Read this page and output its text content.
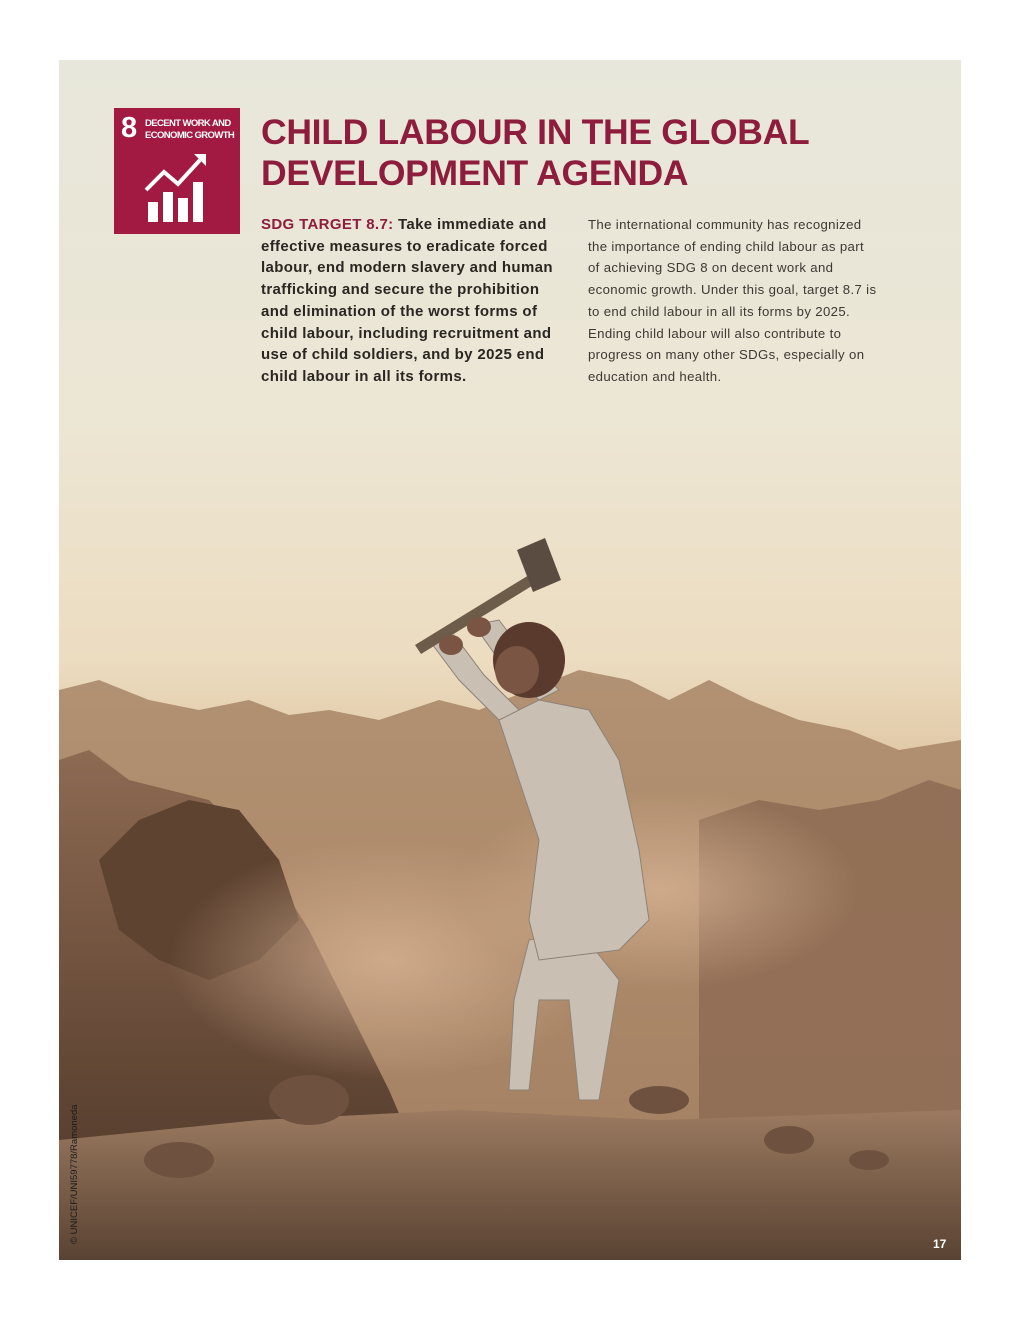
8 DECENT WORK AND
ECONOMIC GROWTH CHILD LABOUR IN THE GLOBAL
DEVELOPMENT AGENDA

SDG TARGET 8.7: Take immediate and effective measures to eradicate forced labour, end modern slavery and human trafficking and secure the prohibition and elimination of the worst forms of child labour, including recruitment and use of child soldiers, and by 2025 end child labour in all its forms.

The international community has recognized the importance of ending child labour as part of achieving SDG 8 on decent work and economic growth. Under this goal, target 8.7 is to end child labour in all its forms by 2025. Ending child labour will also contribute to progress on many other SDGs, especially on education and health.

© UNICEF/UNI59778/Ramoneda	17
